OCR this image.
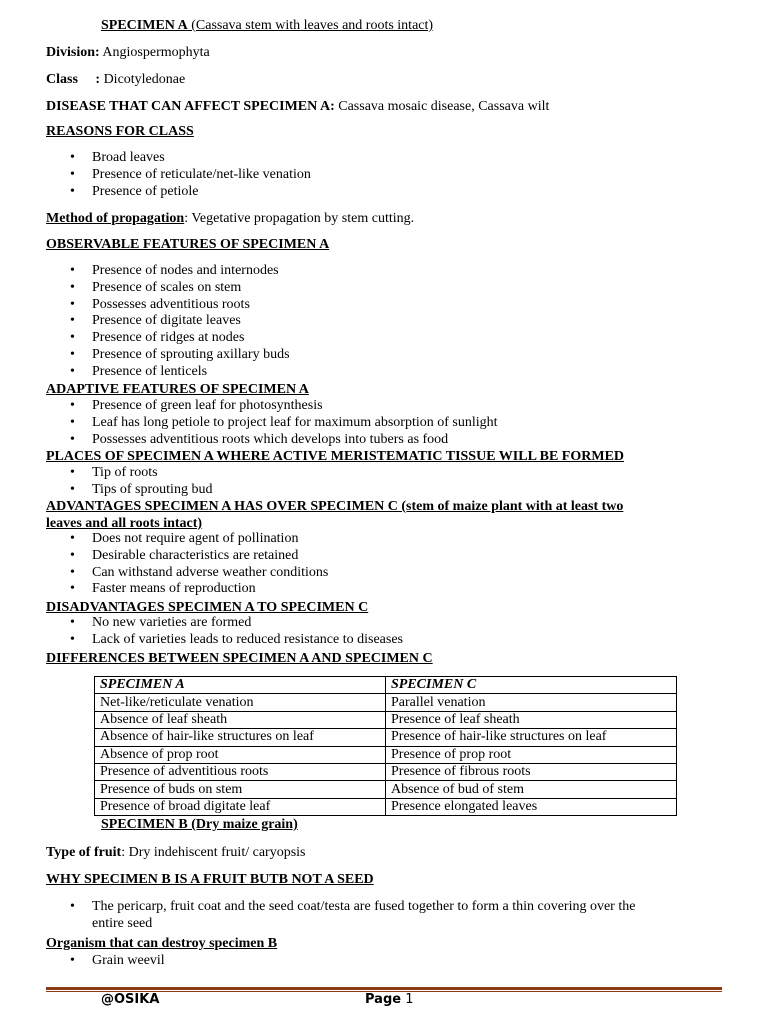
SPECIMEN A (Cassava stem with leaves and roots intact)
Division: Angiospermophyta
Class     : Dicotyledonae
DISEASE THAT CAN AFFECT SPECIMEN A: Cassava mosaic disease, Cassava wilt
REASONS FOR CLASS
• Broad leaves
• Presence of reticulate/net-like venation
• Presence of petiole
Method of propagation: Vegetative propagation by stem cutting.
OBSERVABLE FEATURES OF SPECIMEN A
• Presence of nodes and internodes
• Presence of scales on stem
• Possesses adventitious roots
• Presence of digitate leaves
• Presence of ridges at nodes
• Presence of sprouting axillary buds
• Presence of lenticels
ADAPTIVE FEATURES OF SPECIMEN A
• Presence of green leaf for photosynthesis
• Leaf has long petiole to project leaf for maximum absorption of sunlight
• Possesses adventitious roots which develops into tubers as food
PLACES OF SPECIMEN A WHERE ACTIVE MERISTEMATIC TISSUE WILL BE FORMED
• Tip of roots
• Tips of sprouting bud
ADVANTAGES SPECIMEN A HAS OVER SPECIMEN C (stem of maize plant with at least two
leaves and all roots intact)
• Does not require agent of pollination
• Desirable characteristics are retained
• Can withstand adverse weather conditions
• Faster means of reproduction
DISADVANTAGES SPECIMEN A TO SPECIMEN C
• No new varieties are formed
• Lack of varieties leads to reduced resistance to diseases
DIFFERENCES BETWEEN SPECIMEN A AND SPECIMEN C
SPECIMEN A	SPECIMEN C
Net-like/reticulate venation	Parallel venation
Absence of leaf sheath	Presence of leaf sheath
Absence of hair-like structures on leaf	Presence of hair-like structures on leaf
Absence of prop root	Presence of prop root
Presence of adventitious roots	Presence of fibrous roots
Presence of buds on stem	Absence of bud of stem
Presence of broad digitate leaf	Presence elongated leaves
SPECIMEN B (Dry maize grain)
Type of fruit: Dry indehiscent fruit/ caryopsis
WHY SPECIMEN B IS A FRUIT BUTB NOT A SEED
• The pericarp, fruit coat and the seed coat/testa are fused together to form a thin covering over the
entire seed
Organism that can destroy specimen B
• Grain weevil
@OSIKA	Page 1
